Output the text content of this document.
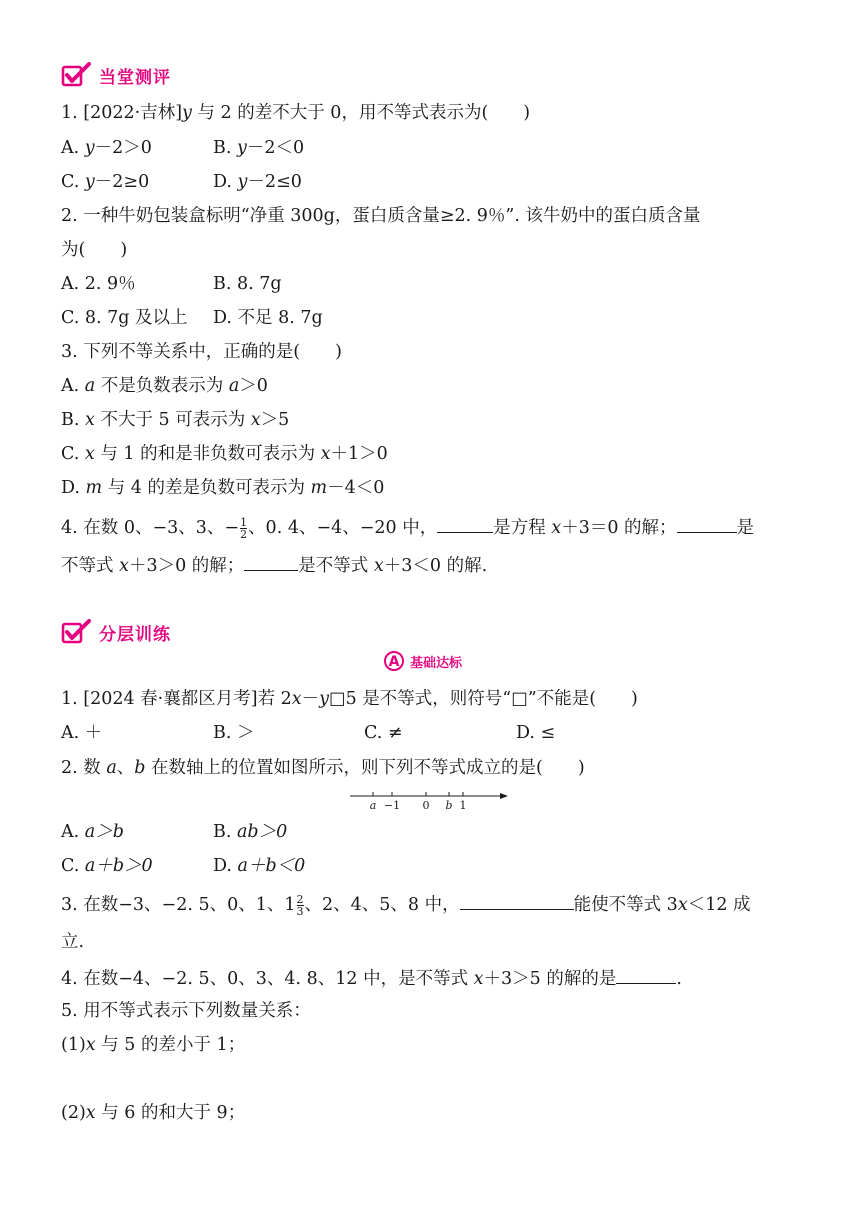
当堂测评
1. [2022·吉林]y 与 2 的差不大于 0，用不等式表示为(　　)
A. y－2＞0	B. y－2＜0
C. y－2≥0	D. y－2≤0
2. 一种牛奶包装盒标明“净重 300g，蛋白质含量≥2. 9％”. 该牛奶中的蛋白质含量
为(　　)
A. 2. 9％	B. 8. 7g
C. 8. 7g 及以上 D. 不足 8. 7g
3. 下列不等关系中，正确的是(　　)
A. a 不是负数表示为 a＞0
B. x 不大于 5 可表示为 x＞5
C. x 与 1 的和是非负数可表示为 x＋1＞0
D. m 与 4 的差是负数可表示为 m－4＜0
4. 在数 0、−3、3、− $\frac{1}{2}$ 、0. 4、−4、−20 中，	是方程 x＋3＝0 的解；	是
不等式 x＋3＞0 的解；	是不等式 x＋3＜0 的解.
分层训练
A 基础达标
1. [2024 春·襄都区月考]若 2x－y□5 是不等式，则符号“□”不能是(　　)
A. ＋	B. ＞	C. ≠	D. ≤
2. 数 a、b 在数轴上的位置如图所示，则下列不等式成立的是(　　)
a −1 0 b 1
A. a＞b	B. ab＞0
C. a＋b＞0	D. a＋b＜0
3. 在数−3、−2. 5、0、1、$1 \frac{2}{3}$ 、2、4、5、8 中，	能使不等式 3x＜12 成
立.
4. 在数−4、−2. 5、0、3、4. 8、12 中，是不等式 x＋3＞5 的解的是	.
5. 用不等式表示下列数量关系：
(1)x 与 5 的差小于 1；
(2)x 与 6 的和大于 9；
